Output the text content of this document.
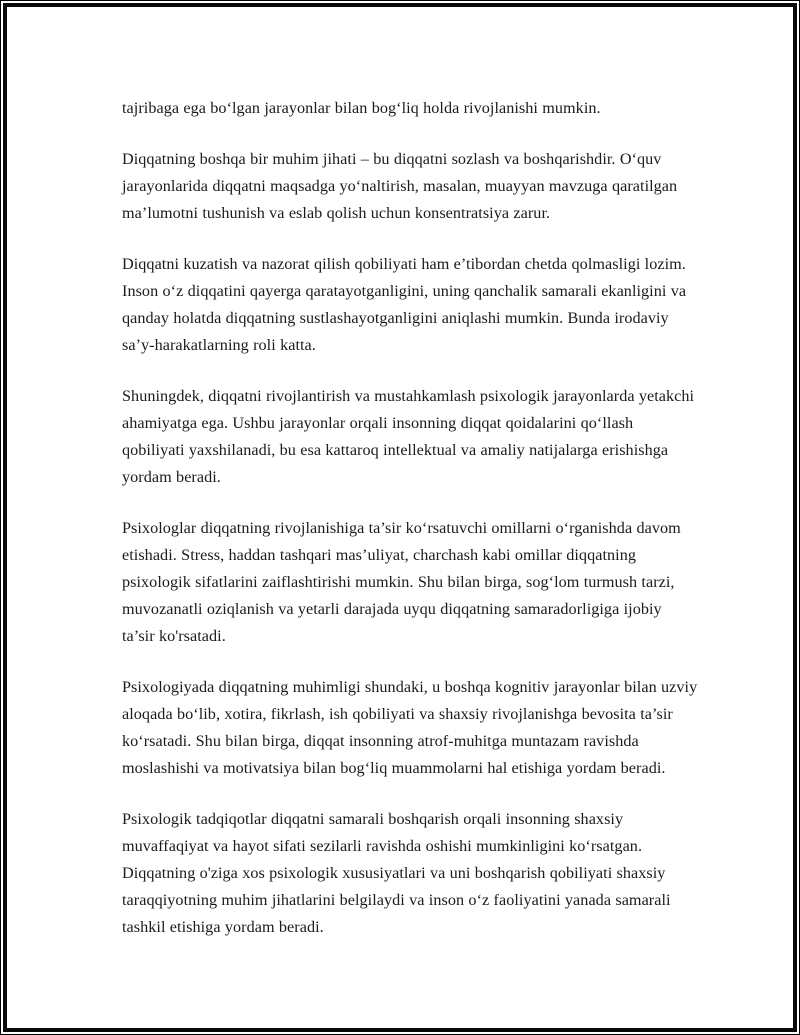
tajribaga ega boʻlgan jarayonlar bilan bogʻliq holda rivojlanishi mumkin.

Diqqatning boshqa bir muhim jihati – bu diqqatni sozlash va boshqarishdir. Oʻquv jarayonlarida diqqatni maqsadga yoʻnaltirish, masalan, muayyan mavzuga qaratilgan ma’lumotni tushunish va eslab qolish uchun konsentratsiya zarur.

Diqqatni kuzatish va nazorat qilish qobiliyati ham e’tibordan chetda qolmasligi lozim. Inson oʻz diqqatini qayerga qaratayotganligini, uning qanchalik samarali ekanligini va qanday holatda diqqatning sustlashayotganligini aniqlashi mumkin. Bunda irodaviy sa’y-harakatlarning roli katta.

Shuningdek, diqqatni rivojlantirish va mustahkamlash psixologik jarayonlarda yetakchi ahamiyatga ega. Ushbu jarayonlar orqali insonning diqqat qoidalarini qoʻllash qobiliyati yaxshilanadi, bu esa kattaroq intellektual va amaliy natijalarga erishishga yordam beradi.

Psixologlar diqqatning rivojlanishiga ta’sir koʻrsatuvchi omillarni oʻrganishda davom etishadi. Stress, haddan tashqari mas’uliyat, charchash kabi omillar diqqatning psixologik sifatlarini zaiflashtirishi mumkin. Shu bilan birga, sogʻlom turmush tarzi, muvozanatli oziqlanish va yetarli darajada uyqu diqqatning samaradorligiga ijobiy ta’sir ko'rsatadi.

Psixologiyada diqqatning muhimligi shundaki, u boshqa kognitiv jarayonlar bilan uzviy aloqada boʻlib, xotira, fikrlash, ish qobiliyati va shaxsiy rivojlanishga bevosita ta’sir koʻrsatadi. Shu bilan birga, diqqat insonning atrof-muhitga muntazam ravishda moslashishi va motivatsiya bilan bogʻliq muammolarni hal etishiga yordam beradi.

Psixologik tadqiqotlar diqqatni samarali boshqarish orqali insonning shaxsiy muvaffaqiyat va hayot sifati sezilarli ravishda oshishi mumkinligini koʻrsatgan. Diqqatning o'ziga xos psixologik xususiyatlari va uni boshqarish qobiliyati shaxsiy taraqqiyotning muhim jihatlarini belgilaydi va inson oʻz faoliyatini yanada samarali tashkil etishiga yordam beradi.
